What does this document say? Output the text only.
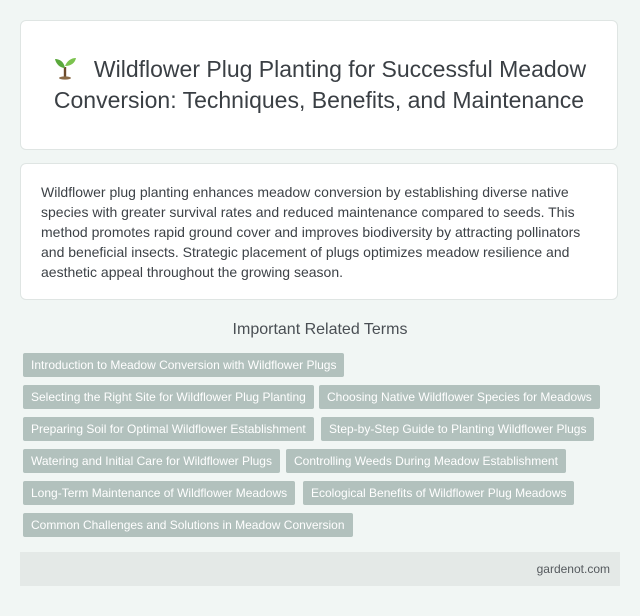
Wildflower Plug Planting for Successful Meadow Conversion: Techniques, Benefits, and Maintenance

Wildflower plug planting enhances meadow conversion by establishing diverse native species with greater survival rates and reduced maintenance compared to seeds. This method promotes rapid ground cover and improves biodiversity by attracting pollinators and beneficial insects. Strategic placement of plugs optimizes meadow resilience and aesthetic appeal throughout the growing season.

Important Related Terms
Introduction to Meadow Conversion with Wildflower Plugs
Selecting the Right Site for Wildflower Plug Planting	Choosing Native Wildflower Species for Meadows
Preparing Soil for Optimal Wildflower Establishment	Step-by-Step Guide to Planting Wildflower Plugs
Watering and Initial Care for Wildflower Plugs	Controlling Weeds During Meadow Establishment
Long-Term Maintenance of Wildflower Meadows	Ecological Benefits of Wildflower Plug Meadows
Common Challenges and Solutions in Meadow Conversion
gardenot.com
